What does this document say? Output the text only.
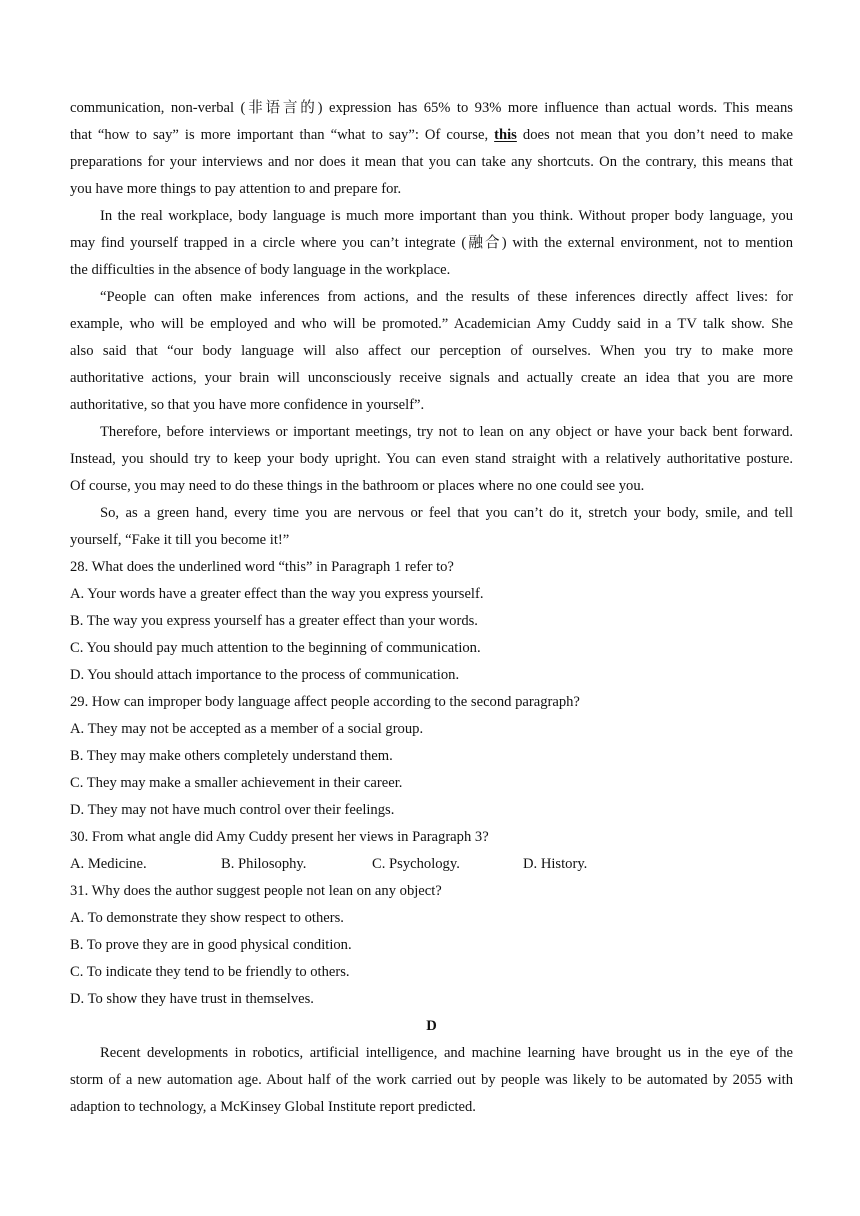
communication, non-verbal (非语言的) expression has 65% to 93% more influence than actual words. This means
that “how to say” is more important than “what to say”: Of course, this does not mean that you don’t need to make
preparations for your interviews and nor does it mean that you can take any shortcuts. On the contrary, this means that
you have more things to pay attention to and prepare for.
In the real workplace, body language is much more important than you think. Without proper body language, you
may find yourself trapped in a circle where you can’t integrate (融合) with the external environment, not to mention
the difficulties in the absence of body language in the workplace.
“People can often make inferences from actions, and the results of these inferences directly affect lives: for
example, who will be employed and who will be promoted.” Academician Amy Cuddy said in a TV talk show. She
also said that “our body language will also affect our perception of ourselves. When you try to make more
authoritative actions, your brain will unconsciously receive signals and actually create an idea that you are more
authoritative, so that you have more confidence in yourself”.
Therefore, before interviews or important meetings, try not to lean on any object or have your back bent forward.
Instead, you should try to keep your body upright. You can even stand straight with a relatively authoritative posture.
Of course, you may need to do these things in the bathroom or places where no one could see you.
So, as a green hand, every time you are nervous or feel that you can’t do it, stretch your body, smile, and tell
yourself, “Fake it till you become it!”
28. What does the underlined word “this” in Paragraph 1 refer to?
A. Your words have a greater effect than the way you express yourself.
B. The way you express yourself has a greater effect than your words.
C. You should pay much attention to the beginning of communication.
D. You should attach importance to the process of communication.
29. How can improper body language affect people according to the second paragraph?
A. They may not be accepted as a member of a social group.
B. They may make others completely understand them.
C. They may make a smaller achievement in their career.
D. They may not have much control over their feelings.
30. From what angle did Amy Cuddy present her views in Paragraph 3?
A. Medicine.	B. Philosophy.	C. Psychology.	D. History.
31. Why does the author suggest people not lean on any object?
A. To demonstrate they show respect to others.
B. To prove they are in good physical condition.
C. To indicate they tend to be friendly to others.
D. To show they have trust in themselves.
D
Recent developments in robotics, artificial intelligence, and machine learning have brought us in the eye of the
storm of a new automation age. About half of the work carried out by people was likely to be automated by 2055 with
adaption to technology, a McKinsey Global Institute report predicted.
